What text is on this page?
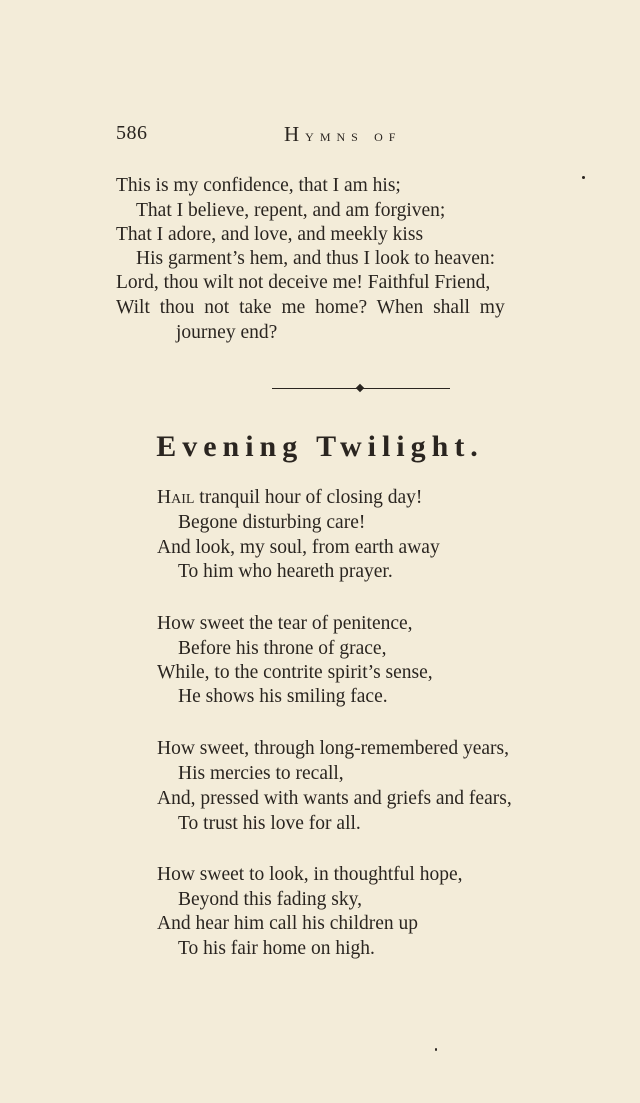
586	Hymns of
This is my confidence, that I am his;
That I believe, repent, and am forgiven;
That I adore, and love, and meekly kiss
His garment’s hem, and thus I look to heaven:
Lord, thou wilt not deceive me! Faithful Friend,
Wilt thou not take me home? When shall my
journey end?
Evening Twilight.
Hail tranquil hour of closing day!
Begone disturbing care!
And look, my soul, from earth away
To him who heareth prayer.
How sweet the tear of penitence,
Before his throne of grace,
While, to the contrite spirit’s sense,
He shows his smiling face.
How sweet, through long-remembered years,
His mercies to recall,
And, pressed with wants and griefs and fears,
To trust his love for all.
How sweet to look, in thoughtful hope,
Beyond this fading sky,
And hear him call his children up
To his fair home on high.
